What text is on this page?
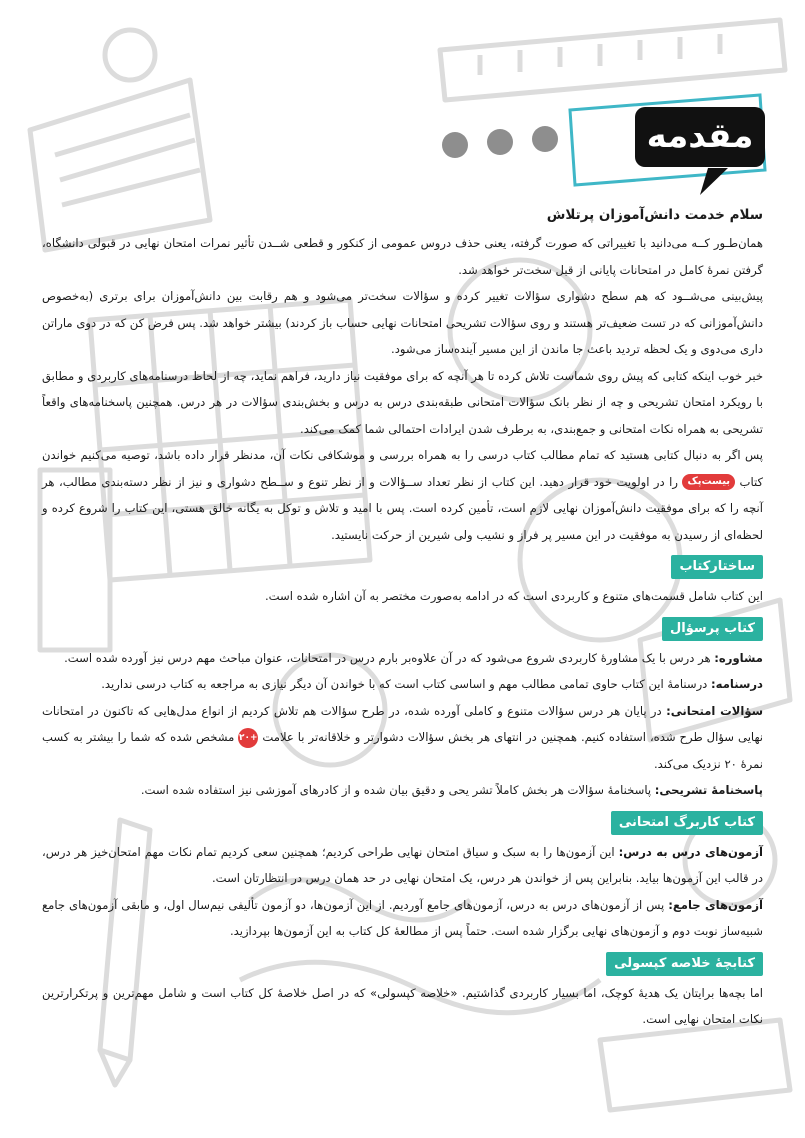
مقدمه

سلام خدمت دانش‌آموزان پرتلاش

همان‌طـور کــه می‌دانید با تغییراتی که صورت گرفته، یعنی حذف دروس عمومی از کنکور و قطعی شــدن تأثیر نمرات امتحان نهایی در قبولی دانشگاه، گرفتن نمرۀ کامل در امتحانات پایانی از قبل سخت‌تر خواهد شد.

پیش‌بینی می‌شــود که هم سطح دشواری سؤالات تغییر کرده و سؤالات سخت‌تر می‌شود و هم رقابت بین دانش‌آموزان برای برتری (به‌خصوص دانش‌آموزانی که در تست ضعیف‌تر هستند و روی سؤالات تشریحی امتحانات نهایی حساب باز کردند) بیشتر خواهد شد. پس فرض کن که در دوی ماراتن داری می‌دوی و یک لحظه تردید باعث جا ماندن از این مسیر آینده‌ساز می‌شود.

خبر خوب اینکه کتابی که پیش روی شماست تلاش کرده تا هر آنچه که برای موفقیت نیاز دارید، فراهم نماید، چه از لحاظ درسنامه‌های کاربردی و مطابق با رویکرد امتحان تشریحی و چه از نظر بانک سؤالات امتحانی طبقه‌بندی درس به درس و بخش‌بندی سؤالات در هر درس. همچنین پاسخنامه‌های واقعاً تشریحی به همراه نکات امتحانی و جمع‌بندی، به برطرف شدن ایرادات احتمالی شما کمک می‌کند.

پس اگر به دنبال کتابی هستید که تمام مطالب کتاب درسی را به همراه بررسی و موشکافی نکات آن، مدنظر قرار داده باشد، توصیه می‌کنیم خواندن کتاب بیست‌پک را در اولویت خود قرار دهید. این کتاب از نظر تعداد ســؤالات و از نظر تنوع و ســطح دشواری و نیز از نظر دسته‌بندی مطالب، هر آنچه را که برای موفقیت دانش‌آموزان نهایی لازم است، تأمین کرده است. پس با امید و تلاش و توکل به یگانه خالق هستی، این کتاب را شروع کرده و لحظه‌ای از رسیدن به موفقیت در این مسیر پر فراز و نشیب ولی شیرین از حرکت نایستید.

ساختارکتاب

این کتاب شامل قسمت‌های متنوع و کاربردی است که در ادامه به‌صورت مختصر به آن اشاره شده است.

کتاب پرسؤال

مشاوره: هر درس با یک مشاورۀ کاربردی شروع می‌شود که در آن علاوه‌بر بارم درس در امتحانات، عنوان مباحث مهم درس نیز آورده شده است.

درسنامه: درسنامۀ این کتاب حاوی تمامی مطالب مهم و اساسی کتاب است که با خواندن آن دیگر نیازی به مراجعه به کتاب درسی ندارید.

سؤالات امتحانی: در پایان هر درس سؤالات متنوع و کاملی آورده شده، در طرح سؤالات هم تلاش کردیم از انواع مدل‌هایی که تاکنون در امتحانات نهایی سؤال طرح شده، استفاده کنیم. همچنین در انتهای هر بخش سؤالات دشوارتر و خلاقانه‌تر با علامت +۲۰ مشخص شده که شما را بیشتر به کسب نمرۀ ۲۰ نزدیک می‌کند.

پاسخنامۀ تشریحی: پاسخنامۀ سؤالات هر بخش کاملاً تشر یحی و دقیق بیان شده و از کادرهای آموزشی نیز استفاده شده است.

کتاب کاربرگ امتحانی

آزمون‌های درس به درس: این آزمون‌ها را به سبک و سیاق امتحان نهایی طراحی کردیم؛ همچنین سعی کردیم تمام نکات مهم امتحان‌خیز هر درس، در قالب این آزمون‌ها بیاید. بنابراین پس از خواندن هر درس، یک امتحان نهایی در حد همان درس در انتظارتان است.

آزمون‌های جامع: پس از آزمون‌های درس به درس، آزمون‌های جامع آوردیم. از این آزمون‌ها، دو آزمون تألیفی نیم‌سال اول، و مابقی آزمون‌های جامع شبیه‌ساز نوبت دوم و آزمون‌های نهایی برگزار شده است. حتماً پس از مطالعۀ کل کتاب به این آزمون‌ها بپردازید.

کتابچۀ خلاصه کپسولی

اما بچه‌ها برایتان یک هدیۀ کوچک، اما بسیار کاربردی گذاشتیم. «خلاصه کپسولی» که در اصل خلاصۀ کل کتاب است و شامل مهم‌ترین و پرتکرارترین نکات امتحان نهایی است.
